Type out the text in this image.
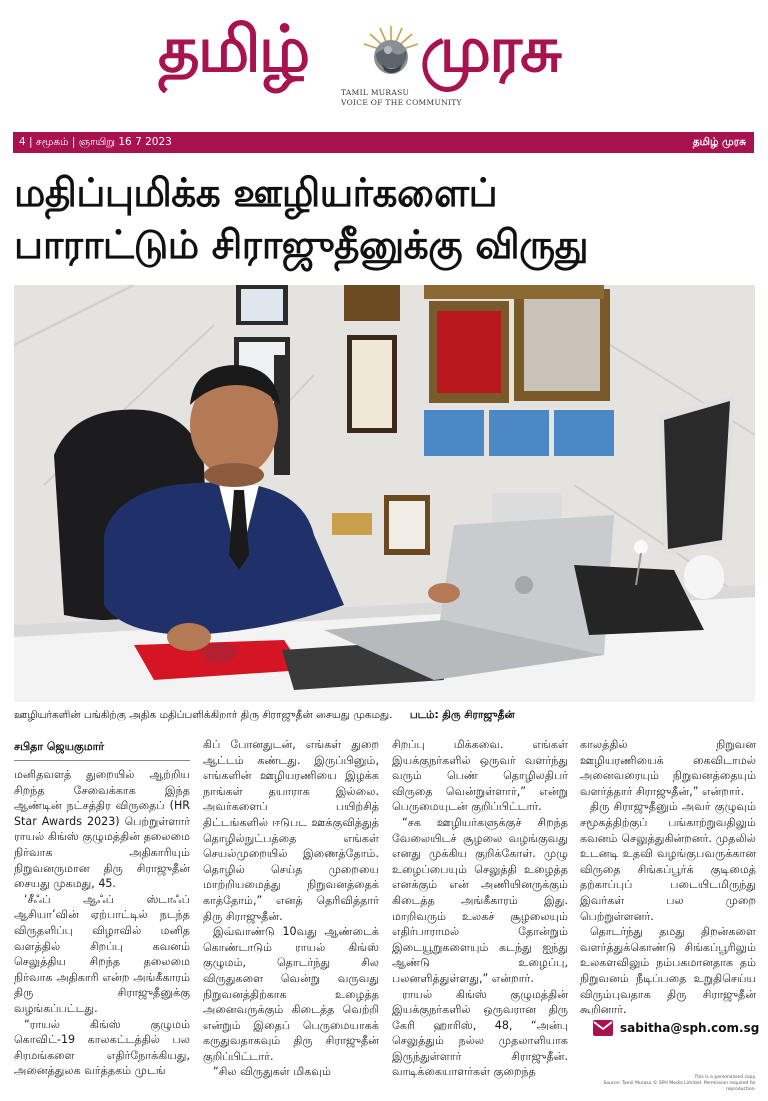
தமிழ் முரசு
TAMIL MURASU
VOICE OF THE COMMUNITY
4 | சமூகம் | ஞாயிறு 16 7 2023	தமிழ் முரசு
மதிப்புமிக்க ஊழியர்களைப்
பாராட்டும் சிராஜுதீனுக்கு விருது
ஊழியர்களின் பங்கிற்கு அதிக மதிப்பளிக்கிறார் திரு சிராஜுதீன் சையது முகமது. படம்: திரு சிராஜுதீன்
சபிதா ஜெயகுமார்

மனிதவளத் துறையில் ஆற்றிய சிறந்த சேவைக்காக இந்த ஆண்டின் நட்சத்திர விருதைப் (HR Star Awards 2023) பெற்றுள்ளார் ராயல் கிங்ஸ் குழுமத்தின் தலைமை நிர்வாக அதிகாரியும் நிறுவனருமான திரு சிராஜுதீன் சையது முகமது, 45.

‘சீஃப் ஆஃப் ஸ்டாஃப் ஆசியா’வின் ஏற்பாட்டில் நடந்த விருதளிப்பு விழாவில் மனித வளத்தில் சிறப்பு கவனம் செலுத்திய சிறந்த தலைமை நிர்வாக அதிகாரி என்ற அங்கீகாரம் திரு சிராஜுதீனுக்கு வழங்கப்பட்டது.

“ராயல் கிங்ஸ் குழுமம் கொவிட்-19 காலகட்டத்தில் பல சிரமங்களை எதிர்நோக்கியது, அனைத்துலக வர்த்தகம் முடங்

கிப் போனதுடன், எங்கள் துறை ஆட்டம் கண்டது. இருப்பினும், எங்களின் ஊழியரணியை இழக்க நாங்கள் தயாராக இல்லை. அவர்களைப் பயிற்சித் திட்டங்களில் ஈடுபட ஊக்குவித்துத் தொழில்நுட்பத்தை எங்கள் செயல்முறையில் இணைத்தோம். தொழில் செய்த முறையை மாற்றியமைத்து நிறுவனத்தைக் காத்தோம்,” எனத் தெரிவித்தார் திரு சிராஜுதீன்.

இவ்வாண்டு 10வது ஆண்டைக் கொண்டாடும் ராயல் கிங்ஸ் குழுமம், தொடர்ந்து சில விருதுகளை வென்று வருவது நிறுவனத்திற்காக உழைத்த அனைவருக்கும் கிடைத்த வெற்றி என்றும் இதைப் பெருமையாகக் கருதுவதாகவும் திரு சிராஜுதீன் குறிப்பிட்டார்.

“சில விருதுகள் மிகவும்

சிறப்பு மிக்கவை. எங்கள் இயக்குநர்களில் ஒருவர் வளர்ந்து வரும் பெண் தொழிலதிபர் விருதை வென்றுள்ளார்,” என்று பெருமையுடன் குறிப்பிட்டார்.

“சக ஊழியர்களுக்குச் சிறந்த வேலையிடச் சூழலை வழங்குவது எனது முக்கிய குறிக்கோள். முழு உழைப்பையும் செலுத்தி உழைத்த எனக்கும் என் அணியினருக்கும் கிடைத்த அங்கீகாரம் இது. மாறிவரும் உலகச் சூழலையும் எதிர்பாராமல் தோன்றும் இடையூறுகளையும் கடந்து ஐந்து ஆண்டு உழைப்பு, பலனளித்துள்ளது,” என்றார்.

ராயல் கிங்ஸ் குழுமத்தின் இயக்குநர்களில் ஒருவரான திரு கேரி ஹாரிஸ், 48, “அன்பு செலுத்தும் நல்ல முதலாளியாக இருந்துள்ளார் சிராஜுதீன். வாடிக்கையாளர்கள் குறைந்த

காலத்தில் நிறுவன ஊழியரணியைக் கைவிடாமல் அனைவரையும் நிறுவனத்தையும் வளர்த்தார் சிராஜுதீன்,” என்றார்.

திரு சிராஜுதீனும் அவர் குழுவும் சமூகத்திற்குப் பங்காற்றுவதிலும் கவனம் செலுத்துகின்றனர். முதலில் உடனடி உதவி வழங்குபவருக்கான விருதை சிங்கப்பூர்க் குடிமைத் தற்காப்புப் படையிடமிருந்து இவர்கள் பல முறை பெற்றுள்ளனர்.

தொடர்ந்து தமது திறன்களை வளர்த்துக்கொண்டு சிங்கப்பூரிலும் உலகளவிலும் நம்பகமானதாக தம் நிறுவனம் நீடிப்பதை உறுதிசெய்ய விரும்புவதாக திரு சிராஜுதீன் கூறினார்.

sabitha@sph.com.sg
This is a personalised copy.
Source: Tamil Murasu © SPH Media Limited. Permission required for reproduction.
